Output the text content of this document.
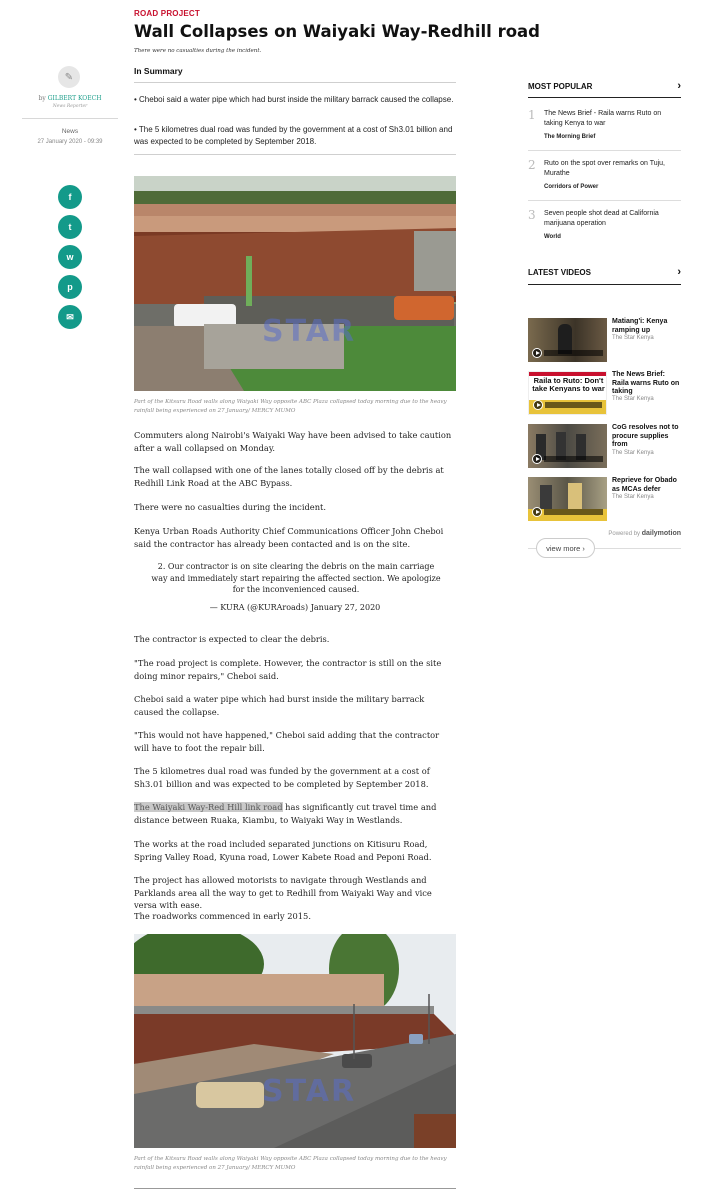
ROAD PROJECT
Wall Collapses on Waiyaki Way-Redhill road
There were no casualties during the incident.
✎
by GILBERT KOECH
News Reporter
News
27 January 2020 - 09:39
f
t
w
p
✉
In Summary
• Cheboi said a water pipe which had burst inside the military barrack caused the collapse.
• The 5 kilometres dual road was funded by the government at a cost of Sh3.01 billion and was expected to be completed by September 2018.
STAR
Part of the Kitsuru Road walls along Waiyaki Way opposite ABC Plaza collapsed today morning due to the heavy rainfall being experienced on 27 January/ MERCY MUMO
Commuters along Nairobi's Waiyaki Way have been advised to take caution after a wall collapsed on Monday.
The wall collapsed with one of the lanes totally closed off by the debris at Redhill Link Road at the ABC Bypass.
There were no casualties during the incident.
Kenya Urban Roads Authority Chief Communications Officer John Cheboi said the contractor has already been contacted and is on the site.
2. Our contractor is on site clearing the debris on the main carriage way and immediately start repairing the affected section. We apologize for the inconvenienced caused.
— KURA (@KURAroads) January 27, 2020
The contractor is expected to clear the debris.
"The road project is complete. However, the contractor is still on the site doing minor repairs," Cheboi said.
Cheboi said a water pipe which had burst inside the military barrack caused the collapse.
"This would not have happened," Cheboi said adding that the contractor will have to foot the repair bill.
The 5 kilometres dual road was funded by the government at a cost of Sh3.01 billion and was expected to be completed by September 2018.
The Waiyaki Way-Red Hill link road has significantly cut travel time and distance between Ruaka, Kiambu, to Waiyaki Way in Westlands.
The works at the road included separated junctions on Kitisuru Road, Spring Valley Road, Kyuna road, Lower Kabete Road and Peponi Road.
The project has allowed motorists to navigate through Westlands and Parklands area all the way to get to Redhill from Waiyaki Way and vice versa with ease.
The roadworks commenced in early 2015.
STAR
Part of the Kitsuru Road walls along Waiyaki Way opposite ABC Plaza collapsed today morning due to the heavy rainfall being experienced on 27 January/ MERCY MUMO
MOST POPULAR	›
1 The News Brief - Raila warns Ruto on taking Kenya to war
The Morning Brief
2 Ruto on the spot over remarks on Tuju, Murathe
Corridors of Power
3 Seven people shot dead at California marijuana operation
World
LATEST VIDEOS	›
Matiang'i: Kenya ramping up
The Star Kenya
Raila to Ruto: Don't take Kenyans to war
The News Brief: Raila warns Ruto on taking
The Star Kenya
CoG resolves not to procure supplies from
The Star Kenya
Reprieve for Obado as MCAs defer
The Star Kenya
Powered by dailymotion
view more
›
